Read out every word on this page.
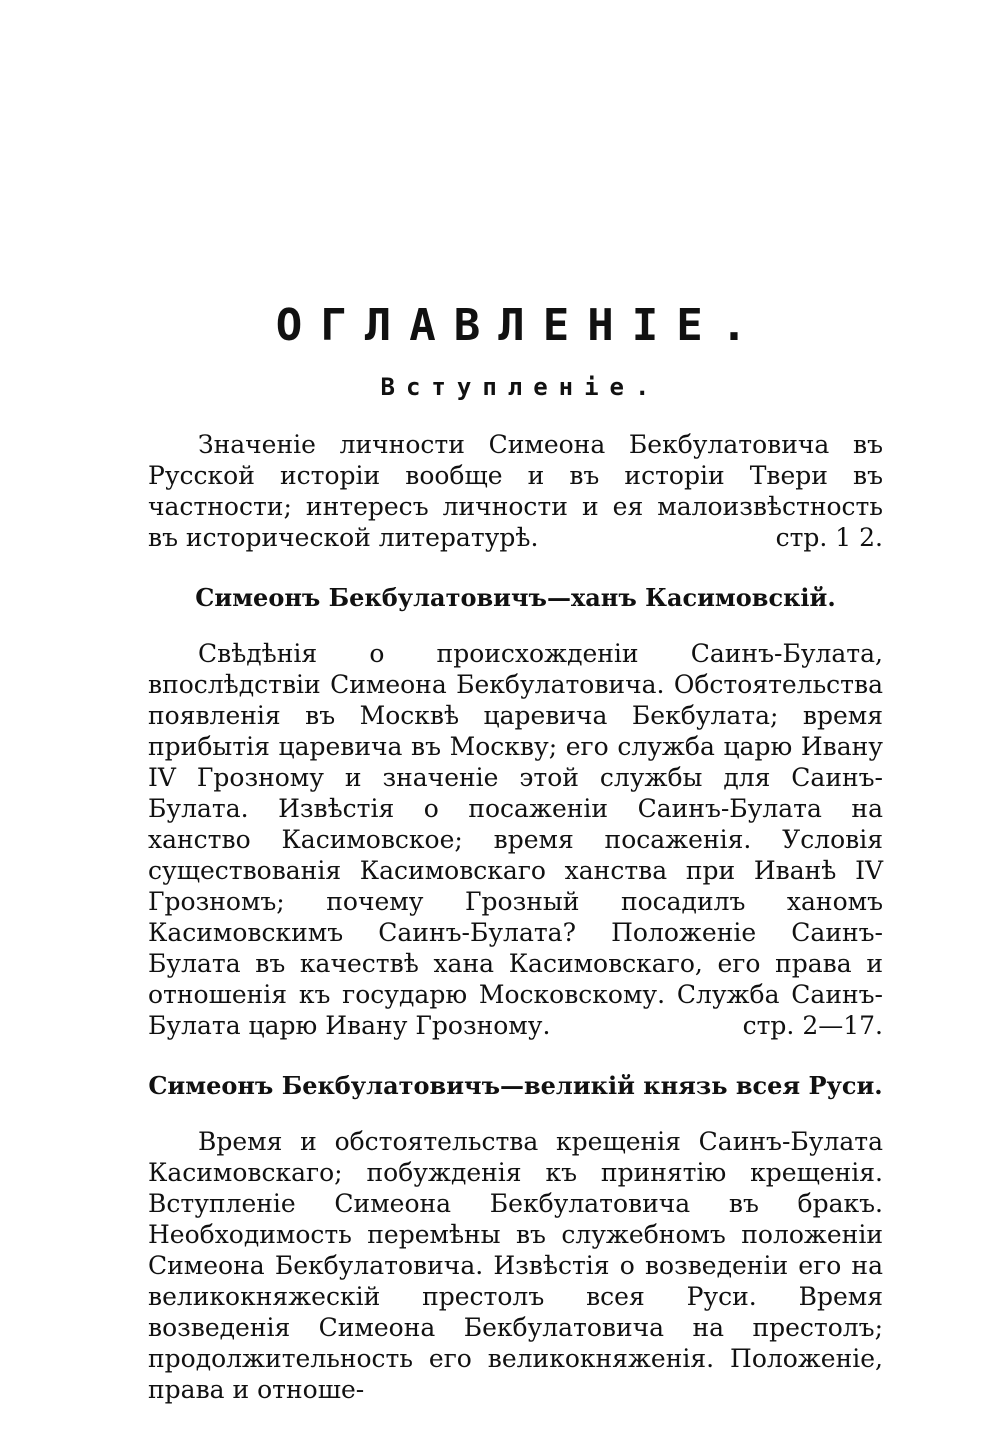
ОГЛАВЛЕНIЕ.
Вступленiе.

Значенiе личности Симеона Бекбулатовича въ Русской исторiи вообще и въ исторiи Твери въ частности; интересъ личности и ея малоизвѣстность въ исторической литературѣ.	стр. 1 2.

Симеонъ Бекбулатовичъ—ханъ Касимовскiй.

Свѣдѣнiя о происхожденiи Саинъ-Булата, впослѣдствiи Симеона Бекбулатовича. Обстоятельства появленiя въ Москвѣ царевича Бекбулата; время прибытiя царевича въ Москву; его служба царю Ивану IV Грозному и значенiе этой службы для Саинъ-Булата. Извѣстiя о посаженiи Саинъ-Булата на ханство Касимовское; время посаженiя. Условiя существованiя Касимовскаго ханства при Иванѣ IV Грозномъ; почему Грозный посадилъ ханомъ Касимовскимъ Саинъ-Булата? Положенiе Саинъ-Булата въ качествѣ хана Касимовскаго, его права и отношенiя къ государю Московскому. Служба Саинъ-Булата царю Ивану Грозному.	стр. 2—17.

Симеонъ Бекбулатовичъ—великiй князь всея Руси.

Время и обстоятельства крещенiя Саинъ-Булата Касимовскаго; побужденiя къ принятiю крещенiя. Вступленiе Симеона Бекбулатовича въ бракъ. Необходимость перемѣны въ служебномъ положенiи Симеона Бекбулатовича. Извѣстiя о возведенiи его на великокняжескiй престолъ всея Руси. Время возведенiя Симеона Бекбулатовича на престолъ; продолжительность его великокняженiя. Положенiе, права и отноше-
